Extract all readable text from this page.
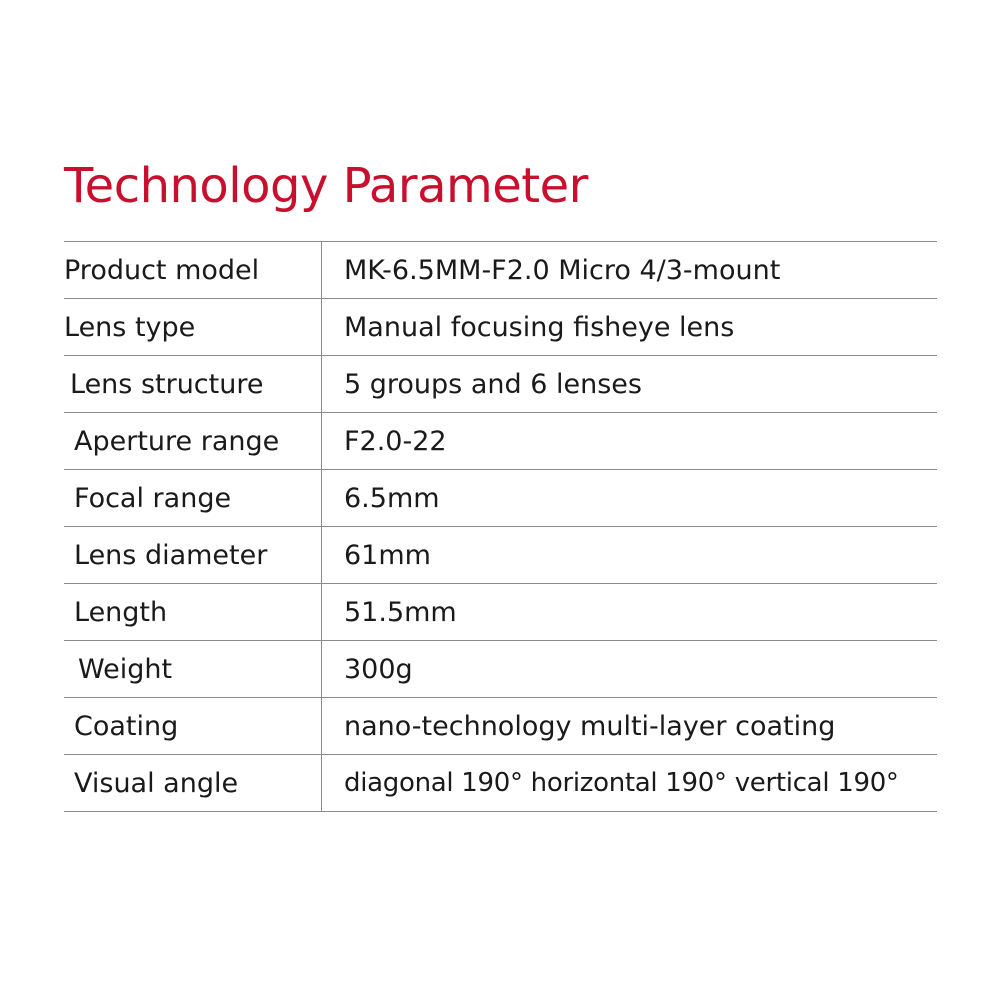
Technology Parameter
Product model	MK-6.5MM-F2.0 Micro 4/3-mount
Lens type	Manual focusing fisheye lens
Lens structure	5 groups and 6 lenses
Aperture range	F2.0-22
Focal range	6.5mm
Lens diameter	61mm
Length	51.5mm
Weight	300g
Coating	nano-technology multi-layer coating
Visual angle	diagonal 190° horizontal 190° vertical 190°
